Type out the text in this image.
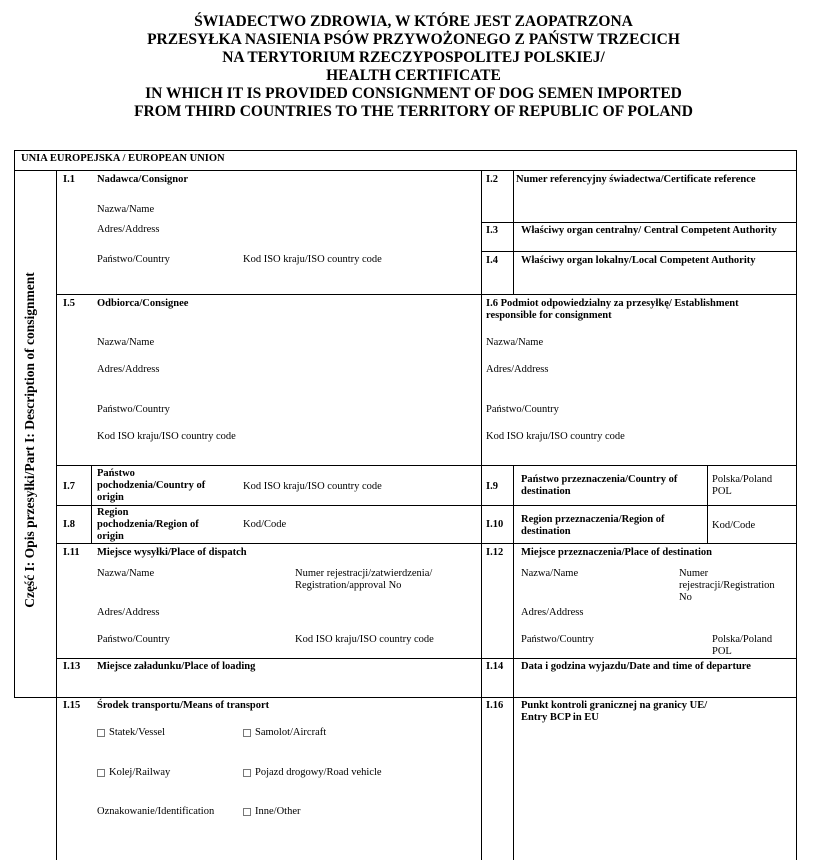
ŚWIADECTWO ZDROWIA, W KTÓRE JEST ZAOPATRZONA
PRZESYŁKA NASIENIA PSÓW PRZYWOŻONEGO Z PAŃSTW TRZECICH
NA TERYTORIUM RZECZYPOSPOLITEJ POLSKIEJ/
HEALTH CERTIFICATE
IN WHICH IT IS PROVIDED CONSIGNMENT OF DOG SEMEN IMPORTED
FROM THIRD COUNTRIES TO THE TERRITORY OF REPUBLIC OF POLAND
UNIA EUROPEJSKA / EUROPEAN UNION
Część I: Opis przesyłki/Part I: Description of consignment
I.1 Nadawca/Consignor
Nazwa/Name
Adres/Address
Państwo/Country	Kod ISO kraju/ISO country code
I.2 Numer referencyjny świadectwa/Certificate reference
I.3 Właściwy organ centralny/ Central Competent Authority
I.4 Właściwy organ lokalny/Local Competent Authority
I.5 Odbiorca/Consignee
Nazwa/Name
Adres/Address
Państwo/Country
Kod ISO kraju/ISO country code
I.6 Podmiot odpowiedzialny za przesyłkę/ Establishment responsible for consignment
Nazwa/Name
Adres/Address
Państwo/Country
Kod ISO kraju/ISO country code
I.7
Państwo pochodzenia/Country of origin
Kod ISO kraju/ISO country code
I.8
Region pochodzenia/Region of origin
Kod/Code
I.9
Państwo przeznaczenia/Country of destination
Polska/Poland
POL
I.10 Region przeznaczenia/Region of destination
Kod/Code
I.11 Miejsce wysyłki/Place of dispatch
Nazwa/Name	Numer rejestracji/zatwierdzenia/
Registration/approval No
Adres/Address
Państwo/Country	Kod ISO kraju/ISO country code
I.12 Miejsce przeznaczenia/Place of destination
Nazwa/Name	Numer
rejestracji/Registration
No
Adres/Address
Państwo/Country	Polska/Poland
POL
I.13 Miejsce załadunku/Place of loading	I.14 Data i godzina wyjazdu/Date and time of departure
I.15 Środek transportu/Means of transport
Statek/Vessel	Samolot/Aircraft
Kolej/Railway	Pojazd drogowy/Road vehicle
Oznakowanie/Identification	Inne/Other
I.16 Punkt kontroli granicznej na granicy UE/
Entry BCP in EU
